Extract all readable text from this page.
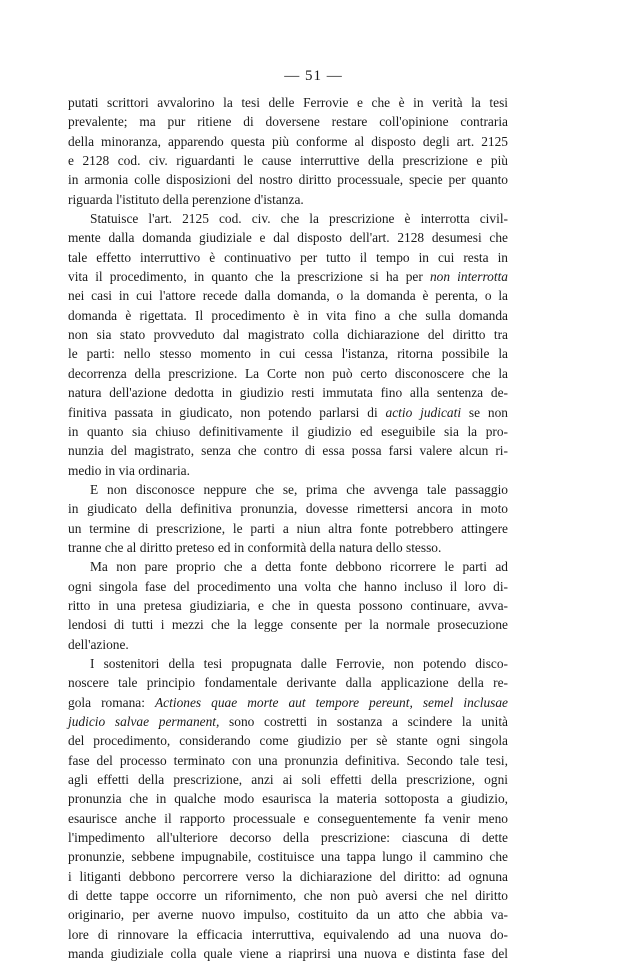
— 51 —
putati scrittori avvalorino la tesi delle Ferrovie e che è in verità la tesi
prevalente; ma pur ritiene di doversene restare coll'opinione contraria
della minoranza, apparendo questa più conforme al disposto degli art. 2125
e 2128 cod. civ. riguardanti le cause interruttive della prescrizione e più
in armonia colle disposizioni del nostro diritto processuale, specie per quanto
riguarda l'istituto della perenzione d'istanza.
Statuisce l'art. 2125 cod. civ. che la prescrizione è interrotta civil-
mente dalla domanda giudiziale e dal disposto dell'art. 2128 desumesi che
tale effetto interruttivo è continuativo per tutto il tempo in cui resta in
vita il procedimento, in quanto che la prescrizione si ha per non interrotta
nei casi in cui l'attore recede dalla domanda, o la domanda è perenta, o la
domanda è rigettata. Il procedimento è in vita fino a che sulla domanda
non sia stato provveduto dal magistrato colla dichiarazione del diritto tra
le parti: nello stesso momento in cui cessa l'istanza, ritorna possibile la
decorrenza della prescrizione. La Corte non può certo disconoscere che la
natura dell'azione dedotta in giudizio resti immutata fino alla sentenza de-
finitiva passata in giudicato, non potendo parlarsi di actio judicati se non
in quanto sia chiuso definitivamente il giudizio ed eseguibile sia la pro-
nunzia del magistrato, senza che contro di essa possa farsi valere alcun ri-
medio in via ordinaria.
E non disconosce neppure che se, prima che avvenga tale passaggio
in giudicato della definitiva pronunzia, dovesse rimettersi ancora in moto
un termine di prescrizione, le parti a niun altra fonte potrebbero attingere
tranne che al diritto preteso ed in conformità della natura dello stesso.
Ma non pare proprio che a detta fonte debbono ricorrere le parti ad
ogni singola fase del procedimento una volta che hanno incluso il loro di-
ritto in una pretesa giudiziaria, e che in questa possono continuare, avva-
lendosi di tutti i mezzi che la legge consente per la normale prosecuzione
dell'azione.
I sostenitori della tesi propugnata dalle Ferrovie, non potendo disco-
noscere tale principio fondamentale derivante dalla applicazione della re-
gola romana: Actiones quae morte aut tempore pereunt, semel inclusae
judicio salvae permanent, sono costretti in sostanza a scindere la unità
del procedimento, considerando come giudizio per sè stante ogni singola
fase del processo terminato con una pronunzia definitiva. Secondo tale tesi,
agli effetti della prescrizione, anzi ai soli effetti della prescrizione, ogni
pronunzia che in qualche modo esaurisca la materia sottoposta a giudizio,
esaurisce anche il rapporto processuale e conseguentemente fa venir meno
l'impedimento all'ulteriore decorso della prescrizione: ciascuna di dette
pronunzie, sebbene impugnabile, costituisce una tappa lungo il cammino che
i litiganti debbono percorrere verso la dichiarazione del diritto: ad ognuna
di dette tappe occorre un rifornimento, che non può aversi che nel diritto
originario, per averne nuovo impulso, costituito da un atto che abbia va-
lore di rinnovare la efficacia interruttiva, equivalendo ad una nuova do-
manda giudiziale colla quale viene a riaprirsi una nuova e distinta fase del
